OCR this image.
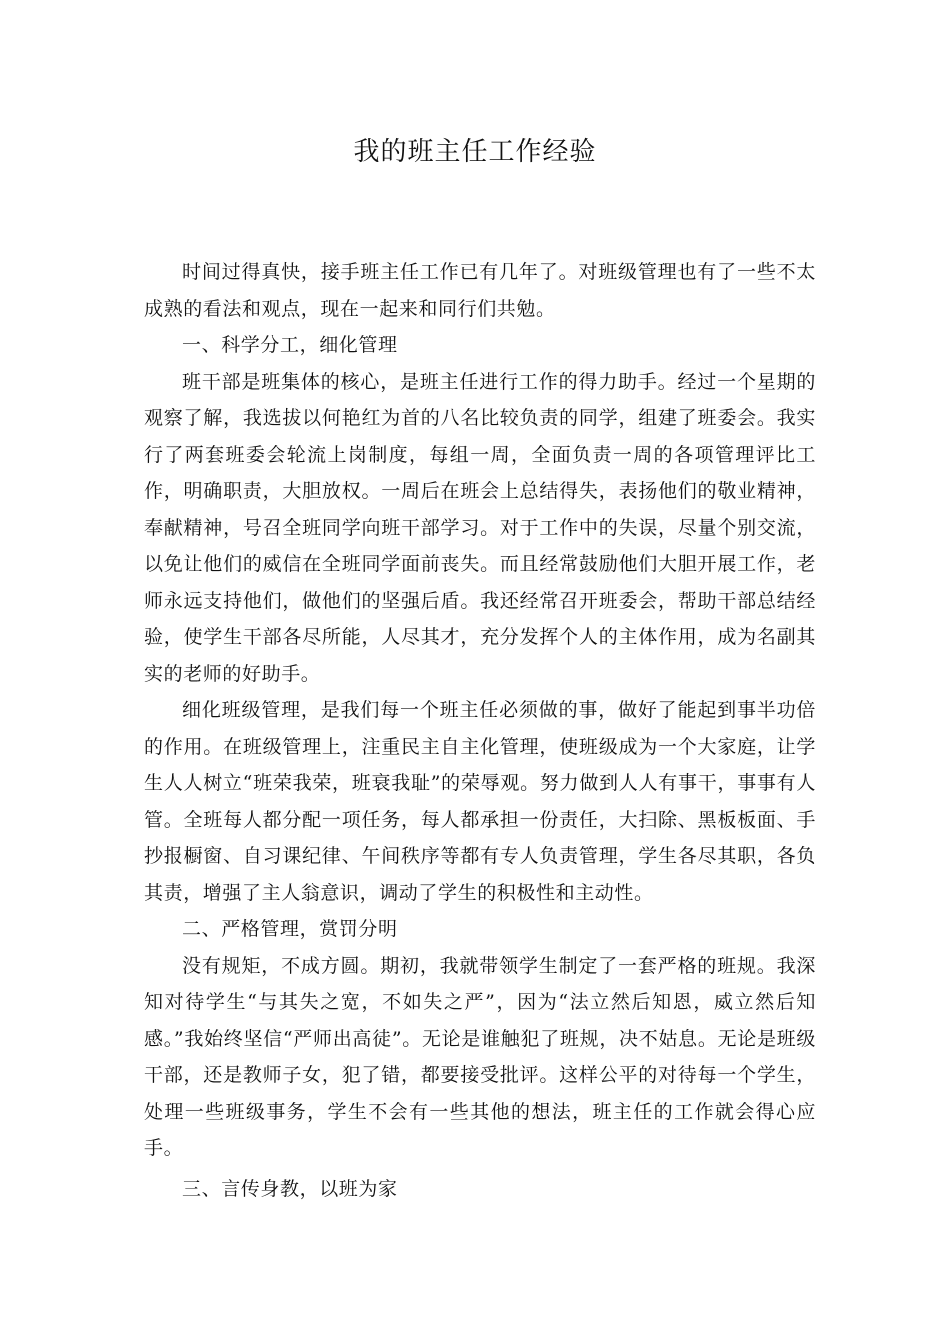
我的班主任工作经验

时间过得真快，接手班主任工作已有几年了。对班级管理也有了一些不太成熟的看法和观点，现在一起来和同行们共勉。

一、科学分工，细化管理

班干部是班集体的核心，是班主任进行工作的得力助手。经过一个星期的观察了解，我选拔以何艳红为首的八名比较负责的同学，组建了班委会。我实行了两套班委会轮流上岗制度，每组一周，全面负责一周的各项管理评比工作，明确职责，大胆放权。一周后在班会上总结得失，表扬他们的敬业精神，奉献精神，号召全班同学向班干部学习。对于工作中的失误，尽量个别交流，以免让他们的威信在全班同学面前丧失。而且经常鼓励他们大胆开展工作，老师永远支持他们，做他们的坚强后盾。我还经常召开班委会，帮助干部总结经验，使学生干部各尽所能，人尽其才，充分发挥个人的主体作用，成为名副其实的老师的好助手。

细化班级管理，是我们每一个班主任必须做的事，做好了能起到事半功倍的作用。在班级管理上，注重民主自主化管理，使班级成为一个大家庭，让学生人人树立“班荣我荣，班衰我耻”的荣辱观。努力做到人人有事干，事事有人管。全班每人都分配一项任务，每人都承担一份责任，大扫除、黑板板面、手抄报橱窗、自习课纪律、午间秩序等都有专人负责管理，学生各尽其职，各负其责，增强了主人翁意识，调动了学生的积极性和主动性。

二、严格管理，赏罚分明

没有规矩，不成方圆。期初，我就带领学生制定了一套严格的班规。我深知对待学生“与其失之宽，不如失之严”，因为“法立然后知恩，威立然后知感。”我始终坚信“严师出高徒”。无论是谁触犯了班规，决不姑息。无论是班级干部，还是教师子女，犯了错，都要接受批评。这样公平的对待每一个学生，处理一些班级事务，学生不会有一些其他的想法，班主任的工作就会得心应手。

三、言传身教，以班为家
